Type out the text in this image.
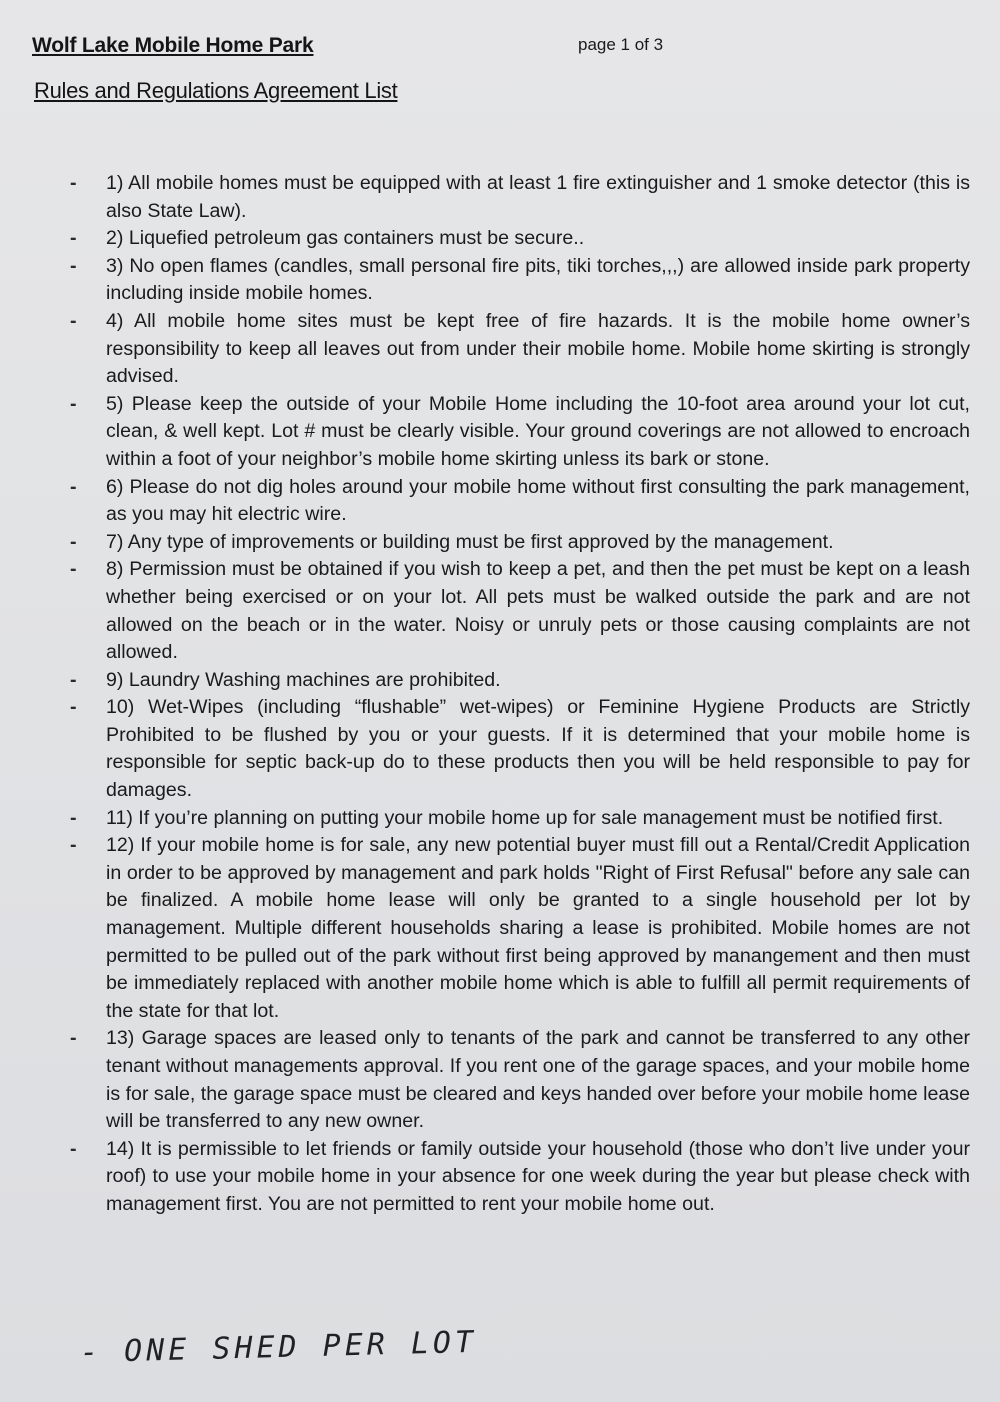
Wolf Lake Mobile Home Park	page 1 of 3
Rules and Regulations Agreement List
- 1) All mobile homes must be equipped with at least 1 fire extinguisher and 1 smoke detector (this is also State Law).
- 2) Liquefied petroleum gas containers must be secure..
- 3) No open flames (candles, small personal fire pits, tiki torches,,,) are allowed inside park property including inside mobile homes.
- 4) All mobile home sites must be kept free of fire hazards. It is the mobile home owner’s responsibility to keep all leaves out from under their mobile home. Mobile home skirting is strongly advised.
- 5) Please keep the outside of your Mobile Home including the 10-foot area around your lot cut, clean, & well kept. Lot # must be clearly visible. Your ground coverings are not allowed to encroach within a foot of your neighbor’s mobile home skirting unless its bark or stone.
- 6) Please do not dig holes around your mobile home without first consulting the park management, as you may hit electric wire.
- 7) Any type of improvements or building must be first approved by the management.
- 8) Permission must be obtained if you wish to keep a pet, and then the pet must be kept on a leash whether being exercised or on your lot. All pets must be walked outside the park and are not allowed on the beach or in the water. Noisy or unruly pets or those causing complaints are not allowed.
- 9) Laundry Washing machines are prohibited.
- 10) Wet-Wipes (including “flushable” wet-wipes) or Feminine Hygiene Products are Strictly Prohibited to be flushed by you or your guests. If it is determined that your mobile home is responsible for septic back-up do to these products then you will be held responsible to pay for damages.
- 11) If you’re planning on putting your mobile home up for sale management must be notified first.
- 12) If your mobile home is for sale, any new potential buyer must fill out a Rental/Credit Application in order to be approved by management and park holds "Right of First Refusal" before any sale can be finalized. A mobile home lease will only be granted to a single household per lot by management. Multiple different households sharing a lease is prohibited. Mobile homes are not permitted to be pulled out of the park without first being approved by manangement and then must be immediately replaced with another mobile home which is able to fulfill all permit requirements of the state for that lot.
- 13) Garage spaces are leased only to tenants of the park and cannot be transferred to any other tenant without managements approval. If you rent one of the garage spaces, and your mobile home is for sale, the garage space must be cleared and keys handed over before your mobile home lease will be transferred to any new owner.
- 14) It is permissible to let friends or family outside your household (those who don’t live under your roof) to use your mobile home in your absence for one week during the year but please check with management first. You are not permitted to rent your mobile home out.
- ONE SHED PER LOT
